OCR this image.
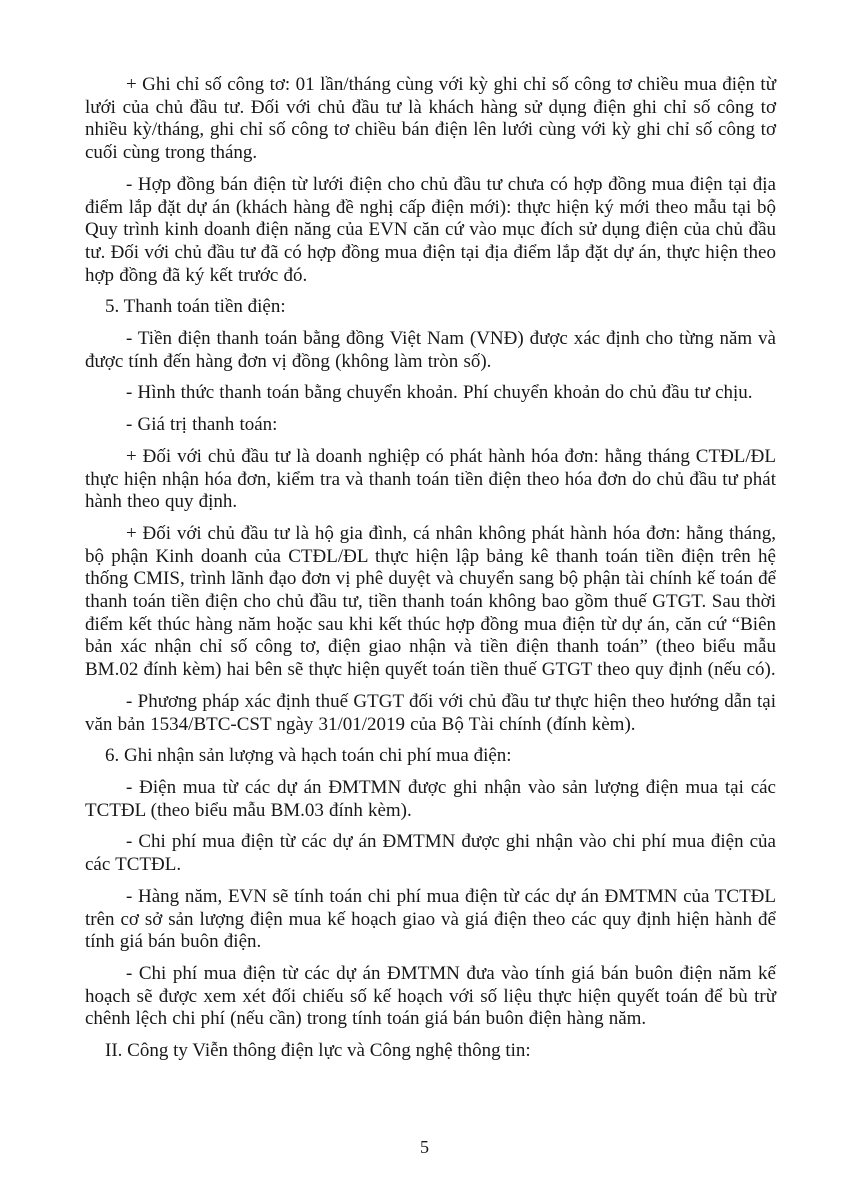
+ Ghi chỉ số công tơ: 01 lần/tháng cùng với kỳ ghi chỉ số công tơ chiều mua điện từ lưới của chủ đầu tư. Đối với chủ đầu tư là khách hàng sử dụng điện ghi chỉ số công tơ nhiều kỳ/tháng, ghi chỉ số công tơ chiều bán điện lên lưới cùng với kỳ ghi chỉ số công tơ cuối cùng trong tháng.
- Hợp đồng bán điện từ lưới điện cho chủ đầu tư chưa có hợp đồng mua điện tại địa điểm lắp đặt dự án (khách hàng đề nghị cấp điện mới): thực hiện ký mới theo mẫu tại bộ Quy trình kinh doanh điện năng của EVN căn cứ vào mục đích sử dụng điện của chủ đầu tư. Đối với chủ đầu tư đã có hợp đồng mua điện tại địa điểm lắp đặt dự án, thực hiện theo hợp đồng đã ký kết trước đó.
5. Thanh toán tiền điện:
- Tiền điện thanh toán bằng đồng Việt Nam (VNĐ) được xác định cho từng năm và được tính đến hàng đơn vị đồng (không làm tròn số).
- Hình thức thanh toán bằng chuyển khoản. Phí chuyển khoản do chủ đầu tư chịu.
- Giá trị thanh toán:
+ Đối với chủ đầu tư là doanh nghiệp có phát hành hóa đơn: hằng tháng CTĐL/ĐL thực hiện nhận hóa đơn, kiểm tra và thanh toán tiền điện theo hóa đơn do chủ đầu tư phát hành theo quy định.
+ Đối với chủ đầu tư là hộ gia đình, cá nhân không phát hành hóa đơn: hằng tháng, bộ phận Kinh doanh của CTĐL/ĐL thực hiện lập bảng kê thanh toán tiền điện trên hệ thống CMIS, trình lãnh đạo đơn vị phê duyệt và chuyển sang bộ phận tài chính kế toán để thanh toán tiền điện cho chủ đầu tư, tiền thanh toán không bao gồm thuế GTGT. Sau thời điểm kết thúc hàng năm hoặc sau khi kết thúc hợp đồng mua điện từ dự án, căn cứ “Biên bản xác nhận chỉ số công tơ, điện giao nhận và tiền điện thanh toán” (theo biểu mẫu BM.02 đính kèm) hai bên sẽ thực hiện quyết toán tiền thuế GTGT theo quy định (nếu có).
- Phương pháp xác định thuế GTGT đối với chủ đầu tư thực hiện theo hướng dẫn tại văn bản 1534/BTC-CST ngày 31/01/2019 của Bộ Tài chính (đính kèm).
6. Ghi nhận sản lượng và hạch toán chi phí mua điện:
- Điện mua từ các dự án ĐMTMN được ghi nhận vào sản lượng điện mua tại các TCTĐL (theo biểu mẫu BM.03 đính kèm).
- Chi phí mua điện từ các dự án ĐMTMN được ghi nhận vào chi phí mua điện của các TCTĐL.
- Hàng năm, EVN sẽ tính toán chi phí mua điện từ các dự án ĐMTMN của TCTĐL trên cơ sở sản lượng điện mua kế hoạch giao và giá điện theo các quy định hiện hành để tính giá bán buôn điện.
- Chi phí mua điện từ các dự án ĐMTMN đưa vào tính giá bán buôn điện năm kế hoạch sẽ được xem xét đối chiếu số kế hoạch với số liệu thực hiện quyết toán để bù trừ chênh lệch chi phí (nếu cần) trong tính toán giá bán buôn điện hàng năm.
II. Công ty Viễn thông điện lực và Công nghệ thông tin:
5
